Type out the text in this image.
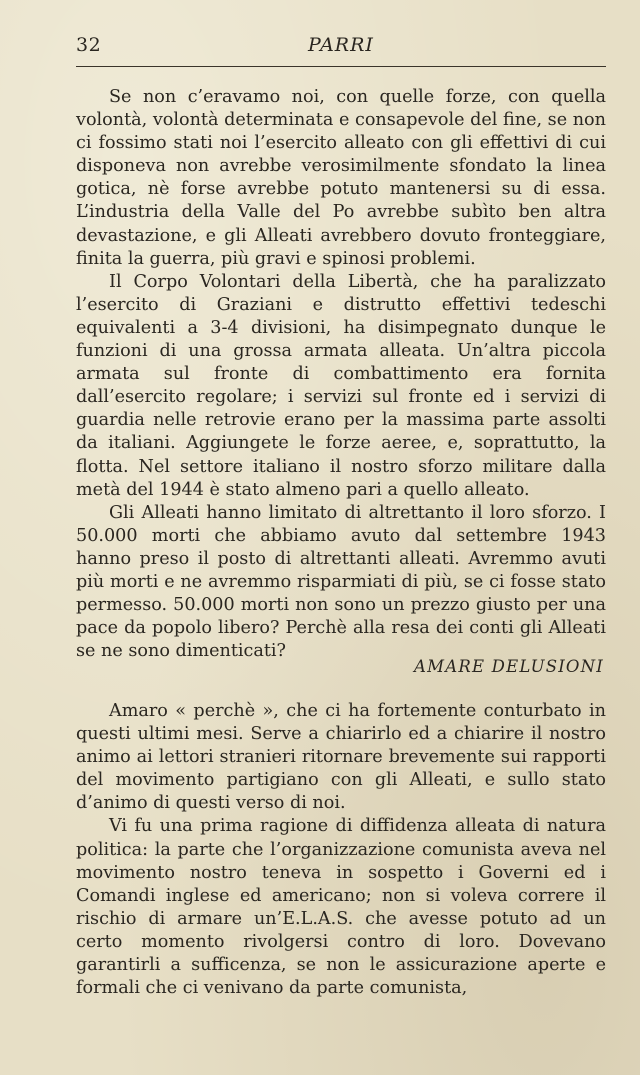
32	PARRI

Se non c’eravamo noi, con quelle forze, con quella volontà, volontà determinata e consapevole del fine, se non ci fossimo stati noi l’esercito alleato con gli effettivi di cui disponeva non avrebbe verosimilmente sfondato la linea gotica, nè forse avrebbe potuto mantenersi su di essa. L’industria della Valle del Po avrebbe subìto ben altra devastazione, e gli Alleati avrebbero dovuto fronteggiare, finita la guerra, più gravi e spinosi problemi.

Il Corpo Volontari della Libertà, che ha paralizzato l’esercito di Graziani e distrutto effettivi tedeschi equivalenti a 3-4 divisioni, ha disimpegnato dunque le funzioni di una grossa armata alleata. Un’altra piccola armata sul fronte di combattimento era fornita dall’esercito regolare; i servizi sul fronte ed i servizi di guardia nelle retrovie erano per la massima parte assolti da italiani. Aggiungete le forze aeree, e, soprattutto, la flotta. Nel settore italiano il nostro sforzo militare dalla metà del 1944 è stato almeno pari a quello alleato.

Gli Alleati hanno limitato di altrettanto il loro sforzo. I 50.000 morti che abbiamo avuto dal settembre 1943 hanno preso il posto di altrettanti alleati. Avremmo avuti più morti e ne avremmo risparmiati di più, se ci fosse stato permesso. 50.000 morti non sono un prezzo giusto per una pace da popolo libero? Perchè alla resa dei conti gli Alleati se ne sono dimenticati?

AMARE DELUSIONI

Amaro « perchè », che ci ha fortemente conturbato in questi ultimi mesi. Serve a chiarirlo ed a chiarire il nostro animo ai lettori stranieri ritornare brevemente sui rapporti del movimento partigiano con gli Alleati, e sullo stato d’animo di questi verso di noi.

Vi fu una prima ragione di diffidenza alleata di natura politica: la parte che l’organizzazione comunista aveva nel movimento nostro teneva in sospetto i Governi ed i Comandi inglese ed americano; non si voleva correre il rischio di armare un’E.L.A.S. che avesse potuto ad un certo momento rivolgersi contro di loro. Dovevano garantirli a sufficenza, se non le assicurazione aperte e formali che ci venivano da parte comunista,
